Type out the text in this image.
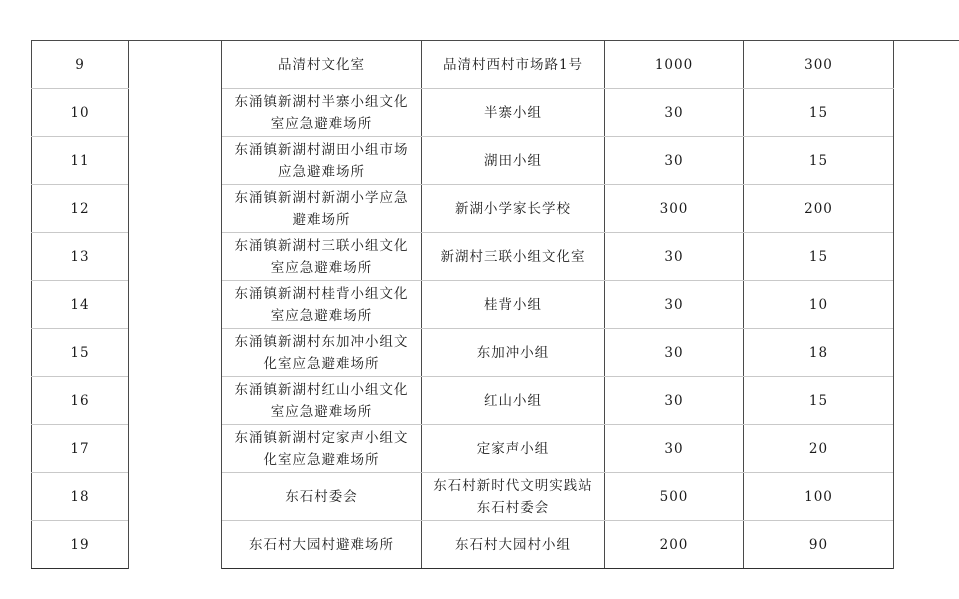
9		品清村文化室	品清村西村市场路1号	1000	300	
10		东涌镇新湖村半寨小组文化室应急避难场所	半寨小组	30	15	
11		东涌镇新湖村湖田小组市场应急避难场所	湖田小组	30	15	
12		东涌镇新湖村新湖小学应急避难场所	新湖小学家长学校	300	200	
13		东涌镇新湖村三联小组文化室应急避难场所	新湖村三联小组文化室	30	15	
14		东涌镇新湖村桂背小组文化室应急避难场所	桂背小组	30	10	
15		东涌镇新湖村东加冲小组文化室应急避难场所	东加冲小组	30	18	
16		东涌镇新湖村红山小组文化室应急避难场所	红山小组	30	15	
17		东涌镇新湖村定家声小组文化室应急避难场所	定家声小组	30	20	
18		东石村委会	东石村新时代文明实践站东石村委会	500	100	
19		东石村大园村避难场所	东石村大园村小组	200	90	
